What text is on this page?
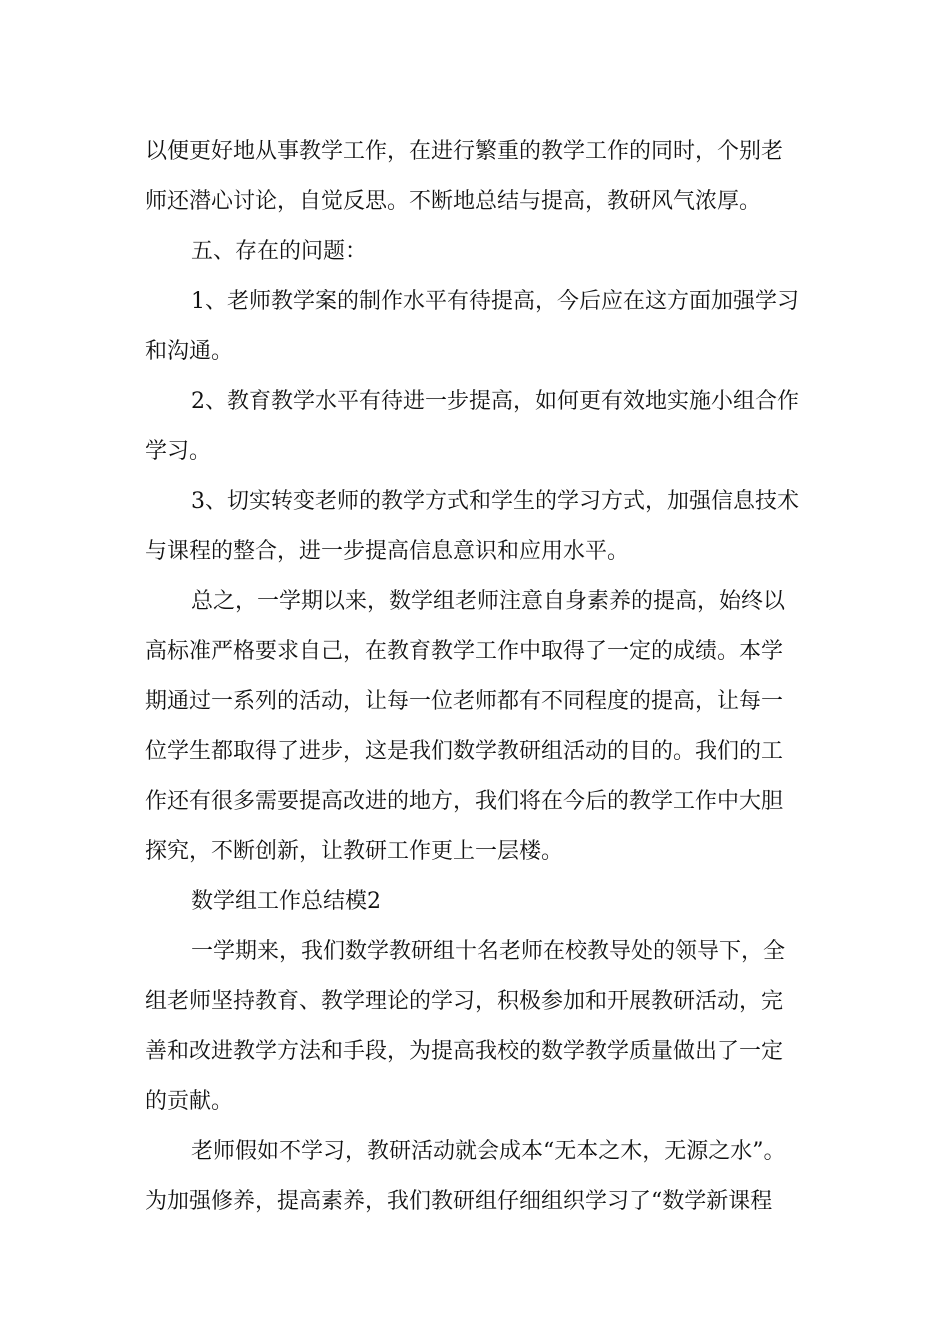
以便更好地从事教学工作，在进行繁重的教学工作的同时，个别老

师还潜心讨论，自觉反思。不断地总结与提高，教研风气浓厚。

五、存在的问题：

1、老师教学案的制作水平有待提高，今后应在这方面加强学习

和沟通。

2、教育教学水平有待进一步提高，如何更有效地实施小组合作

学习。

3、切实转变老师的教学方式和学生的学习方式，加强信息技术

与课程的整合，进一步提高信息意识和应用水平。

总之，一学期以来，数学组老师注意自身素养的提高，始终以

高标准严格要求自己，在教育教学工作中取得了一定的成绩。本学

期通过一系列的活动，让每一位老师都有不同程度的提高，让每一

位学生都取得了进步，这是我们数学教研组活动的目的。我们的工

作还有很多需要提高改进的地方，我们将在今后的教学工作中大胆

探究，不断创新，让教研工作更上一层楼。

数学组工作总结模2

一学期来，我们数学教研组十名老师在校教导处的领导下，全

组老师坚持教育、教学理论的学习，积极参加和开展教研活动，完

善和改进教学方法和手段，为提高我校的数学教学质量做出了一定

的贡献。

老师假如不学习，教研活动就会成本“无本之木，无源之水”。

为加强修养，提高素养，我们教研组仔细组织学习了“数学新课程
